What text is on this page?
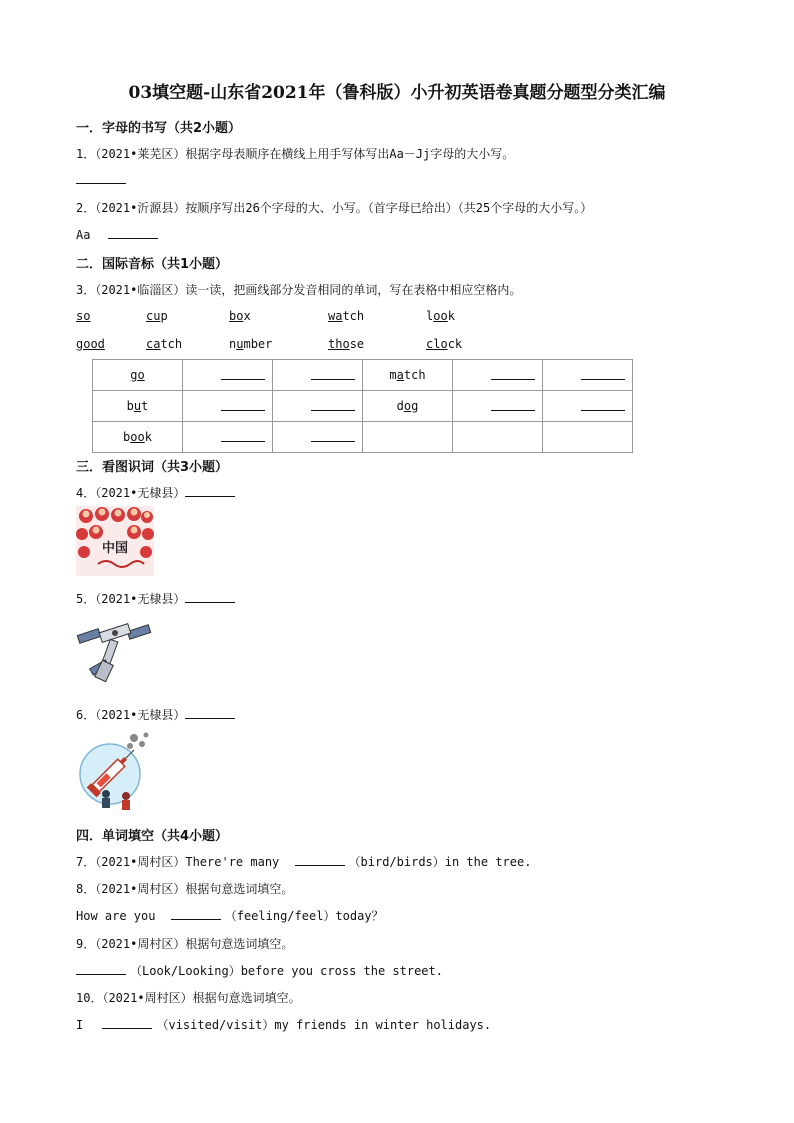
03填空题-山东省2021年（鲁科版）小升初英语卷真题分题型分类汇编
一．字母的书写（共2小题）
1．（2021•莱芜区）根据字母表顺序在横线上用手写体写出Aa－Jj字母的大小写。
2．（2021•沂源县）按顺序写出26个字母的大、小写。（首字母已给出）（共25个字母的大小写。）
Aa
二．国际音标（共1小题）
3．（2021•临淄区）读一读，把画线部分发音相同的单词，写在表格中相应空格内。
so	cup	box	watch	look
good	catch	number	those	clock
go			match		
but			dog		
book					
三．看图识词（共3小题）
4．（2021•无棣县）
中国
5．（2021•无棣县）
6．（2021•无棣县）
四．单词填空（共4小题）
7．（2021•周村区）There're many	（bird/birds）in the tree.
8．（2021•周村区）根据句意选词填空。
How are you	（feeling/feel）today？
9．（2021•周村区）根据句意选词填空。
（Look/Looking）before you cross the street.
10．（2021•周村区）根据句意选词填空。
I	（visited/visit）my friends in winter holidays.
